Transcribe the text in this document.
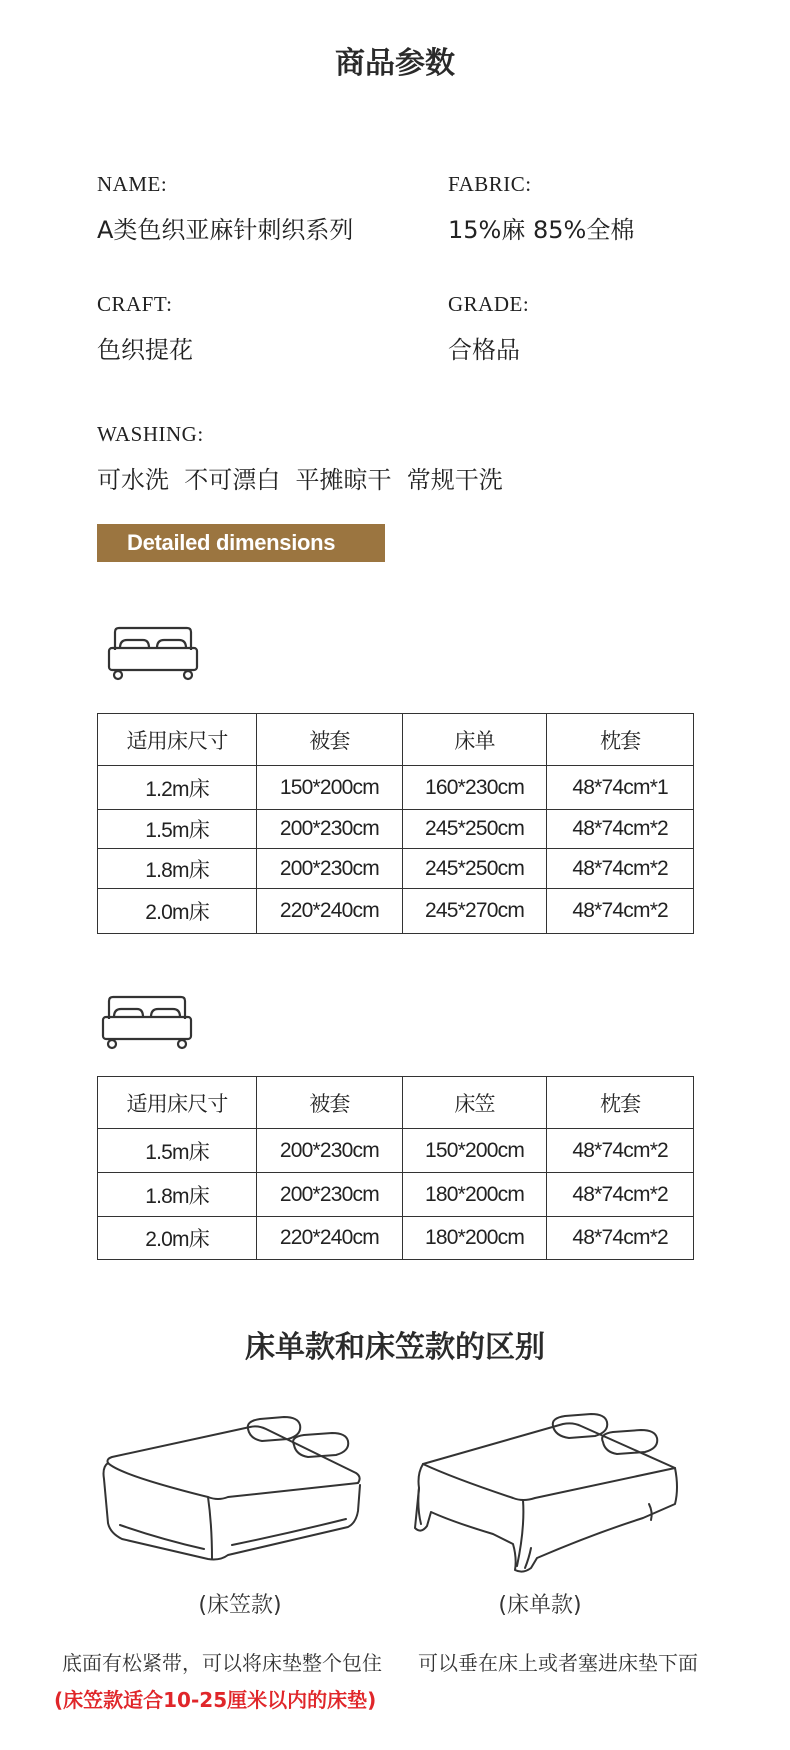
商品参数
NAME:
A类色织亚麻针刺织系列
FABRIC:
15%麻 85%全棉
CRAFT:
色织提花
GRADE:
合格品
WASHING:
可水洗  不可漂白  平摊晾干  常规干洗
Detailed dimensions
适用床尺寸	被套	床单	枕套
1.2m床	150*200cm	160*230cm	48*74cm*1
1.5m床	200*230cm	245*250cm	48*74cm*2
1.8m床	200*230cm	245*250cm	48*74cm*2
2.0m床	220*240cm	245*270cm	48*74cm*2
适用床尺寸	被套	床笠	枕套
1.5m床	200*230cm	150*200cm	48*74cm*2
1.8m床	200*230cm	180*200cm	48*74cm*2
2.0m床	220*240cm	180*200cm	48*74cm*2
床单款和床笠款的区别
(床笠款)	(床单款)
底面有松紧带，可以将床垫整个包住 可以垂在床上或者塞进床垫下面
(床笠款适合10-25厘米以内的床垫)
